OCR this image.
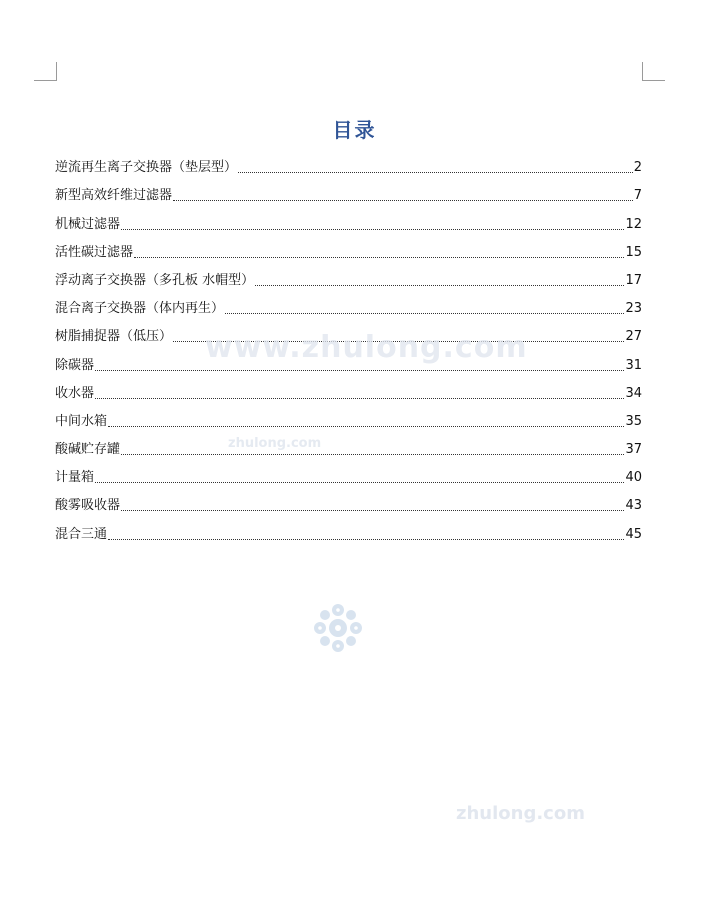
目录
逆流再生离子交换器（垫层型）	2
新型高效纤维过滤器	7
机械过滤器	12
活性碳过滤器	15
浮动离子交换器（多孔板 水帽型）	17
混合离子交换器（体内再生）	23
树脂捕捉器（低压）	27
除碳器	31
收水器	34
中间水箱	35
酸碱贮存罐	37
计量箱	40
酸雾吸收器	43
混合三通	45
www.zhulong.com
zhulong.com
zhulong.com
